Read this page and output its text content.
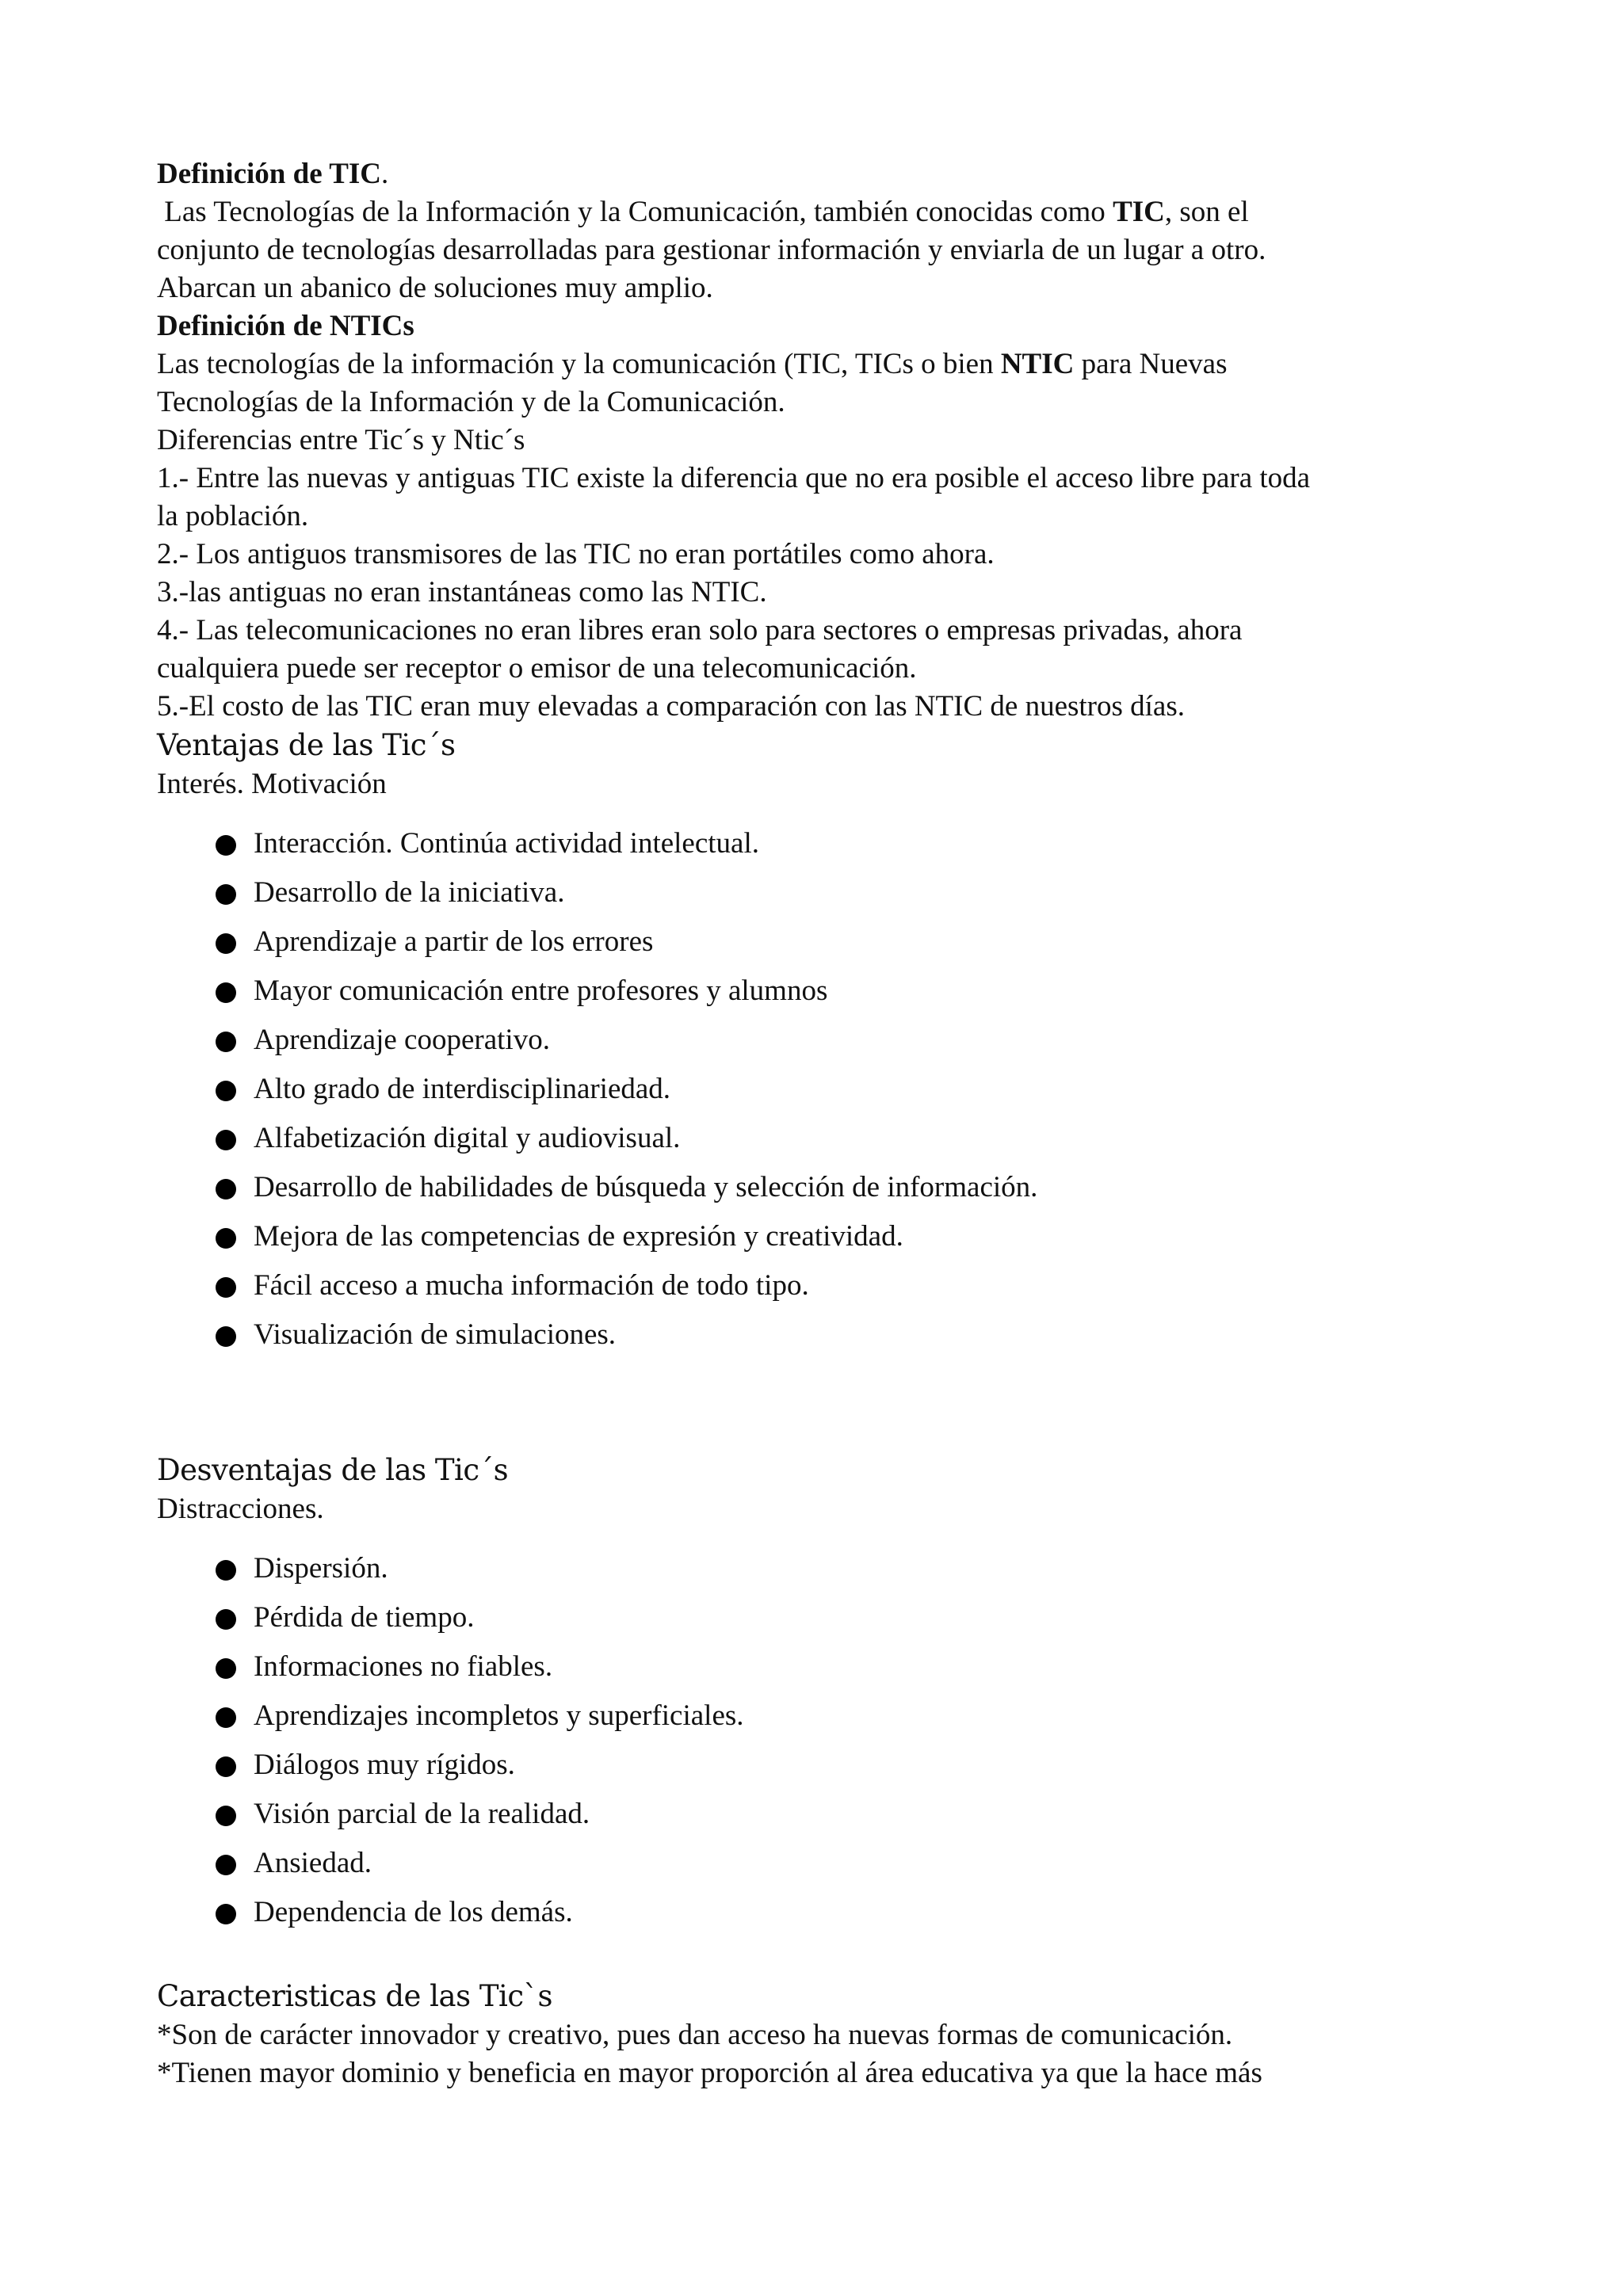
Definición de TIC.
Las Tecnologías de la Información y la Comunicación, también conocidas como TIC, son el
conjunto de tecnologías desarrolladas para gestionar información y enviarla de un lugar a otro.
Abarcan un abanico de soluciones muy amplio.
Definición de NTICs
Las tecnologías de la información y la comunicación (TIC, TICs o bien NTIC para Nuevas
Tecnologías de la Información y de la Comunicación.
Diferencias entre Tic´s y Ntic´s
1.- Entre las nuevas y antiguas TIC existe la diferencia que no era posible el acceso libre para toda
la población.
2.- Los antiguos transmisores de las TIC no eran portátiles como ahora.
3.-las antiguas no eran instantáneas como las NTIC.
4.- Las telecomunicaciones no eran libres eran solo para sectores o empresas privadas, ahora
cualquiera puede ser receptor o emisor de una telecomunicación.
5.-El costo de las TIC eran muy elevadas a comparación con las NTIC de nuestros días.
Ventajas de las Tic´s
Interés. Motivación
Interacción. Continúa actividad intelectual.
Desarrollo de la iniciativa.
Aprendizaje a partir de los errores
Mayor comunicación entre profesores y alumnos
Aprendizaje cooperativo.
Alto grado de interdisciplinariedad.
Alfabetización digital y audiovisual.
Desarrollo de habilidades de búsqueda y selección de información.
Mejora de las competencias de expresión y creatividad.
Fácil acceso a mucha información de todo tipo.
Visualización de simulaciones.
Desventajas de las Tic´s
Distracciones.
Dispersión.
Pérdida de tiempo.
Informaciones no fiables.
Aprendizajes incompletos y superficiales.
Diálogos muy rígidos.
Visión parcial de la realidad.
Ansiedad.
Dependencia de los demás.
Caracteristicas de las Tic`s
*Son de carácter innovador y creativo, pues dan acceso ha nuevas formas de comunicación.
*Tienen mayor dominio y beneficia en mayor proporción al área educativa ya que la hace más
